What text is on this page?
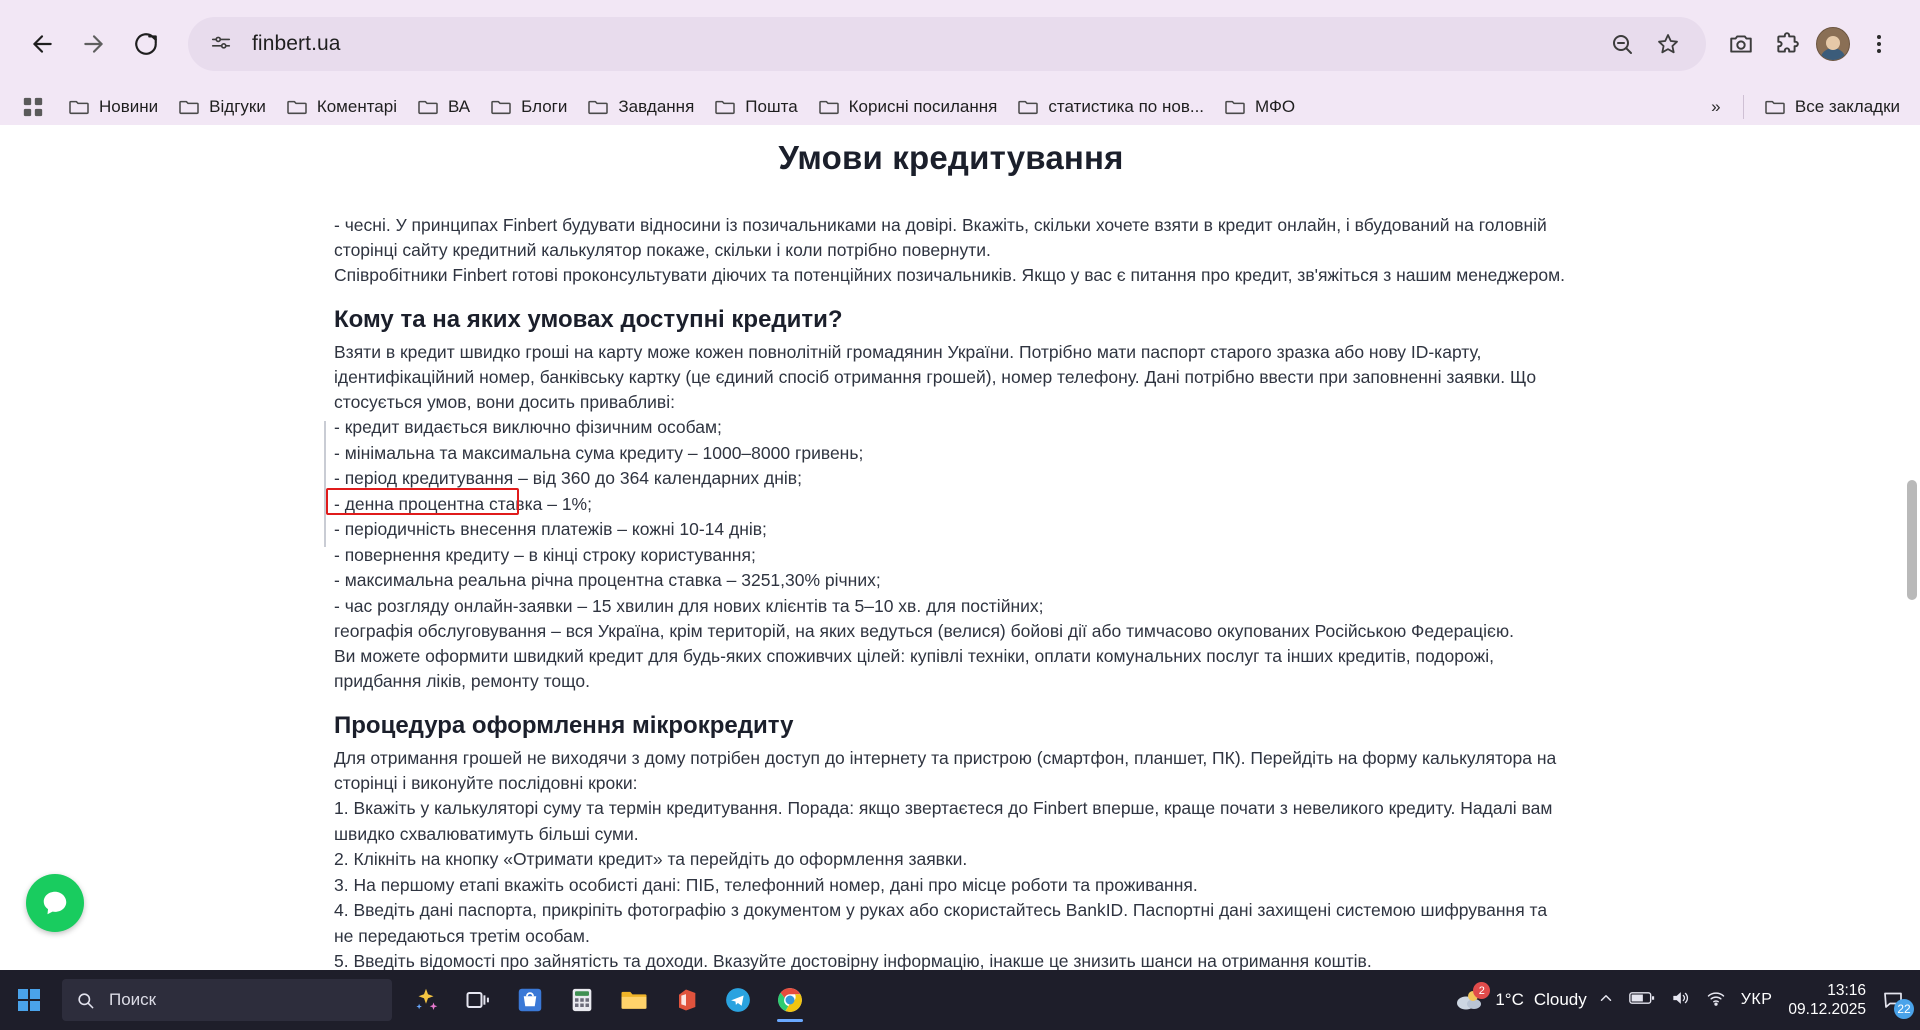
finbert.ua
Новини	Відгуки	Коментарі	ВА	Блоги	Завдання	Пошта	Корисні посилання	статистика по нов...	МФО	»	Все закладки
Умови кредитування

- чесні. У принципах Finbert будувати відносини із позичальниками на довірі. Вкажіть, скільки хочете взяти в кредит онлайн, і вбудований на головній сторінці сайту кредитний калькулятор покаже, скільки і коли потрібно повернути.

Співробітники Finbert готові проконсультувати діючих та потенційних позичальників. Якщо у вас є питання про кредит, зв'яжіться з нашим менеджером.

Кому та на яких умовах доступні кредити?

Взяти в кредит швидко гроші на карту може кожен повнолітній громадянин України. Потрібно мати паспорт старого зразка або нову ID-карту, ідентифікаційний номер, банківську картку (це єдиний спосіб отримання грошей), номер телефону. Дані потрібно ввести при заповненні заявки. Що стосується умов, вони досить привабливі:

- кредит видається виключно фізичним особам;
- мінімальна та максимальна сума кредиту – 1000–8000 гривень;
- період кредитування – від 360 до 364 календарних днів;
- денна процентна ставка – 1%;
- періодичність внесення платежів – кожні 10-14 днів;
- повернення кредиту – в кінці строку користування;
- максимальна реальна річна процентна ставка – 3251,30% річних;
- час розгляду онлайн-заявки – 15 хвилин для нових клієнтів та 5–10 хв. для постійних;

географія обслуговування – вся Україна, крім територій, на яких ведуться (велися) бойові дії або тимчасово окупованих Російською Федерацією.

Ви можете оформити швидкий кредит для будь-яких споживчих цілей: купівлі техніки, оплати комунальних послуг та інших кредитів, подорожі, придбання ліків, ремонту тощо.

Процедура оформлення мікрокредиту

Для отримання грошей не виходячи з дому потрібен доступ до інтернету та пристрою (смартфон, планшет, ПК). Перейдіть на форму калькулятора на сторінці і виконуйте послідовні кроки:

1. Вкажіть у калькуляторі суму та термін кредитування. Порада: якщо звертаєтеся до Finbert вперше, краще почати з невеликого кредиту. Надалі вам швидко схвалюватимуть більші суми.
2. Клікніть на кнопку «Отримати кредит» та перейдіть до оформлення заявки.
3. На першому етапі вкажіть особисті дані: ПІБ, телефонний номер, дані про місце роботи та проживання.
4. Введіть дані паспорта, прикріпіть фотографію з документом у руках або скористайтесь BankID. Паспортні дані захищені системою шифрування та не передаються третім особам.
5. Введіть відомості про зайнятість та доходи. Вказуйте достовірну інформацію, інакше це знизить шанси на отримання коштів.
Поиск	2 1°C Cloudy	УКР
13:16
09.12.2025	22
